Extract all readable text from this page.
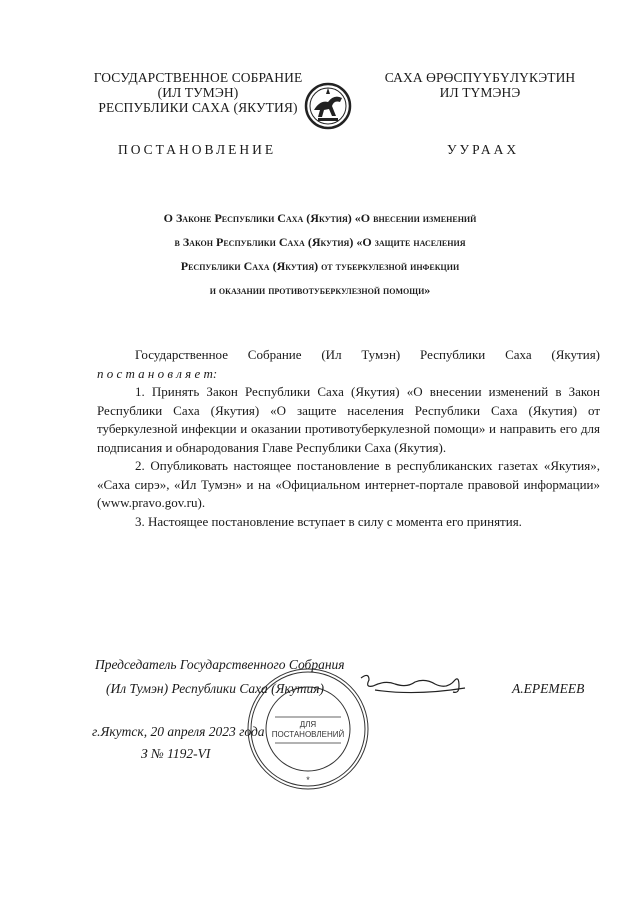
ГОСУДАРСТВЕННОЕ СОБРАНИЕ
(ИЛ ТУМЭН)
РЕСПУБЛИКИ САХА (ЯКУТИЯ)
САХА ӨРӨСПҮҮБҮЛҮКЭТИН
ИЛ ТҮМЭНЭ
ПОСТАНОВЛЕНИЕ	УУРААХ
О Законе Республики Саха (Якутия) «О внесении изменений
в Закон Республики Саха (Якутия) «О защите населения
Республики Саха (Якутия) от туберкулезной инфекции
и оказании противотуберкулезной помощи»

Государственное Собрание (Ил Тумэн) Республики Саха (Якутия)

п о с т а н о в л я е т:

1. Принять Закон Республики Саха (Якутия) «О внесении изменений в Закон Республики Саха (Якутия) «О защите населения Республики Саха (Якутия) от туберкулезной инфекции и оказании противотуберкулезной помощи» и направить его для подписания и обнародования Главе Республики Саха (Якутия).

2. Опубликовать настоящее постановление в республиканских газетах «Якутия», «Саха сирэ», «Ил Тумэн» и на «Официальном интернет-портале правовой информации» (www.pravo.gov.ru).

3. Настоящее постановление вступает в силу с момента его принятия.

ДЛЯ
ПОСТАНОВЛЕНИЙ
*
Председатель Государственного Собрания
(Ил Тумэн) Республики Саха (Якутия)	А.ЕРЕМЕЕВ
г.Якутск, 20 апреля 2023 года
З № 1192-VI
